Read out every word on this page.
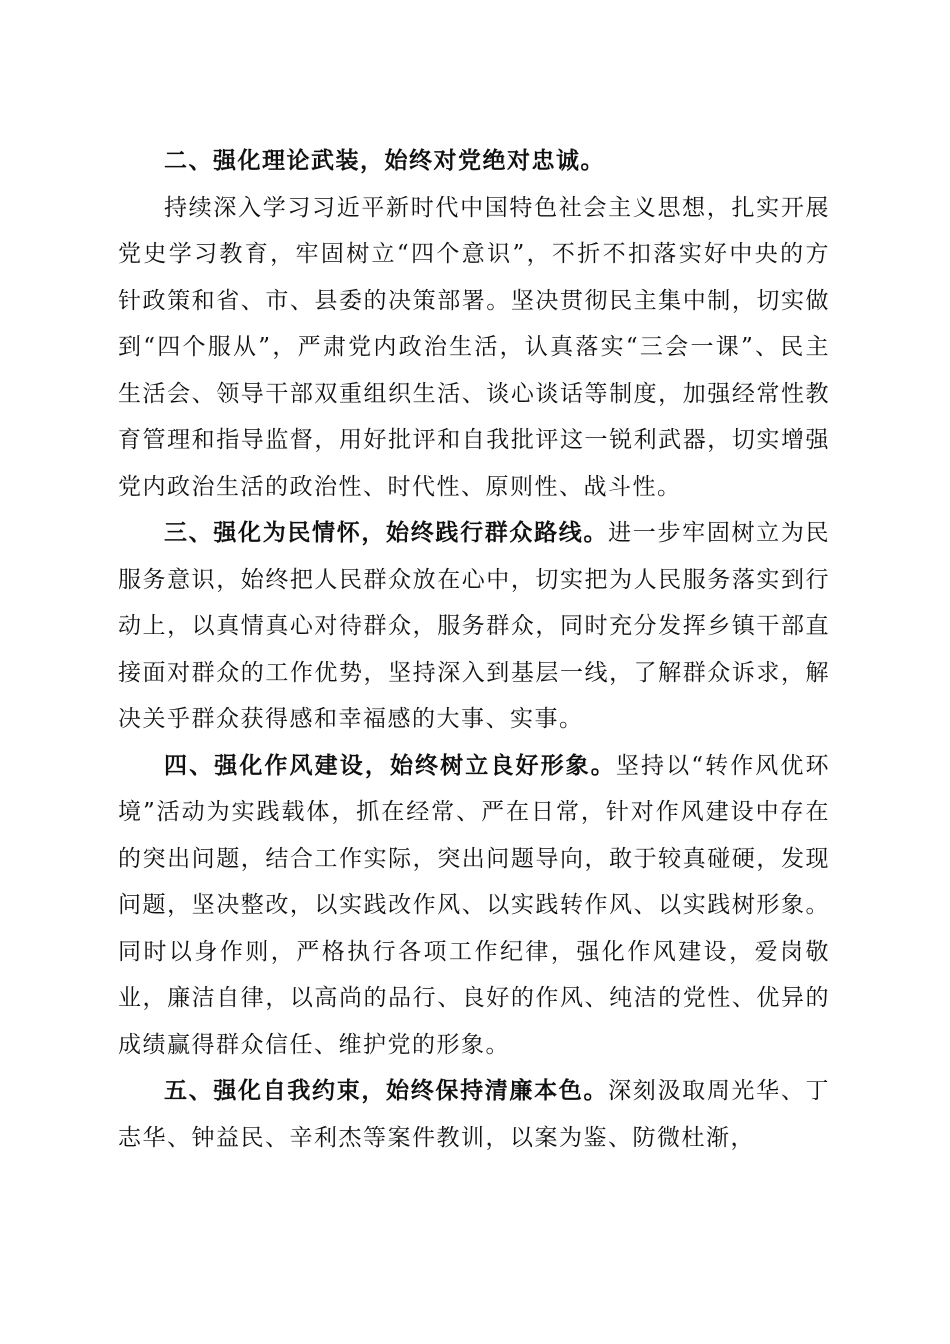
二、强化理论武装，始终对党绝对忠诚。

持续深入学习习近平新时代中国特色社会主义思想，扎实开展党史学习教育，牢固树立“四个意识”，不折不扣落实好中央的方针政策和省、市、县委的决策部署。坚决贯彻民主集中制，切实做到“四个服从”，严肃党内政治生活，认真落实“三会一课”、民主生活会、领导干部双重组织生活、谈心谈话等制度，加强经常性教育管理和指导监督，用好批评和自我批评这一锐利武器，切实增强党内政治生活的政治性、时代性、原则性、战斗性。

三、强化为民情怀，始终践行群众路线。进一步牢固树立为民服务意识，始终把人民群众放在心中，切实把为人民服务落实到行动上，以真情真心对待群众，服务群众，同时充分发挥乡镇干部直接面对群众的工作优势，坚持深入到基层一线，了解群众诉求，解决关乎群众获得感和幸福感的大事、实事。

四、强化作风建设，始终树立良好形象。坚持以“转作风优环境”活动为实践载体，抓在经常、严在日常，针对作风建设中存在的突出问题，结合工作实际，突出问题导向，敢于较真碰硬，发现问题，坚决整改，以实践改作风、以实践转作风、以实践树形象。同时以身作则，严格执行各项工作纪律，强化作风建设，爱岗敬业，廉洁自律，以高尚的品行、良好的作风、纯洁的党性、优异的成绩赢得群众信任、维护党的形象。

五、强化自我约束，始终保持清廉本色。深刻汲取周光华、丁志华、钟益民、辛利杰等案件教训，以案为鉴、防微杜渐，
